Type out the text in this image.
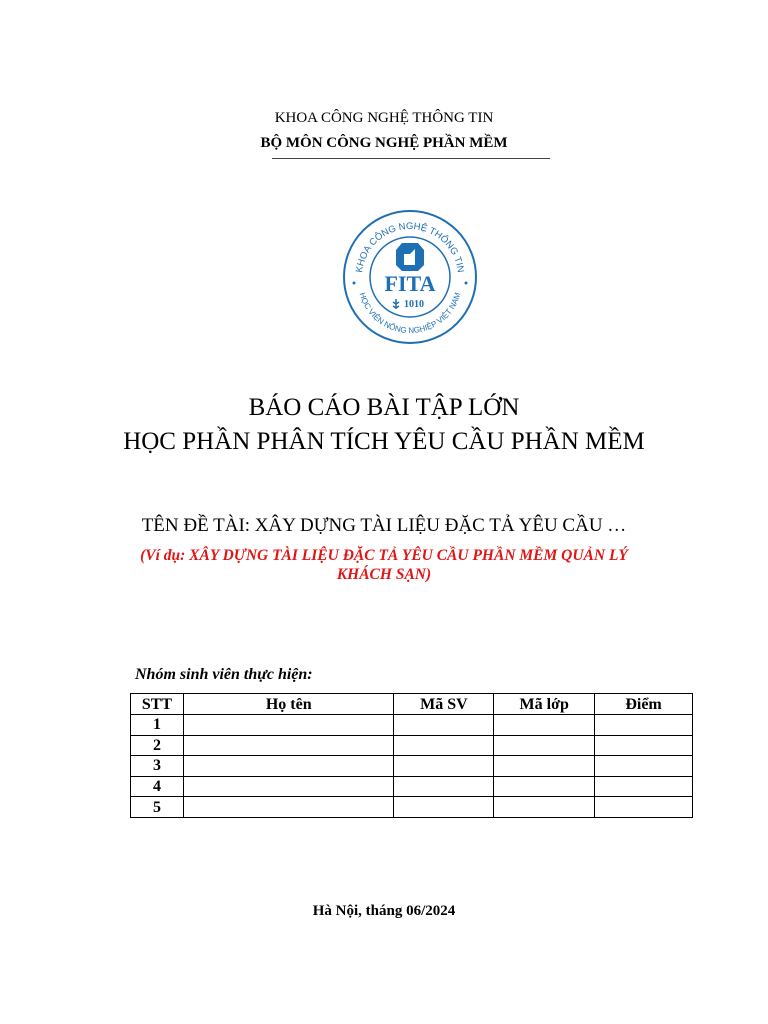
KHOA CÔNG NGHỆ THÔNG TIN
BỘ MÔN CÔNG NGHỆ PHẦN MỀM
KHOA CÔNG NGHỆ THÔNG TIN
HỌC VIỆN NÔNG NGHIỆP VIỆT NAM
FITA
1010
BÁO CÁO BÀI TẬP LỚN
HỌC PHẦN PHÂN TÍCH YÊU CẦU PHẦN MỀM
TÊN ĐỀ TÀI: XÂY DỰNG TÀI LIỆU ĐẶC TẢ YÊU CẦU …
(Ví dụ: XÂY DỰNG TÀI LIỆU ĐẶC TẢ YÊU CẦU PHẦN MỀM QUẢN LÝ
KHÁCH SẠN)
Nhóm sinh viên thực hiện:
STT	Họ tên	Mã SV	Mã lớp	Điểm
1				
2				
3				
4				
5				
Hà Nội, tháng 06/2024
